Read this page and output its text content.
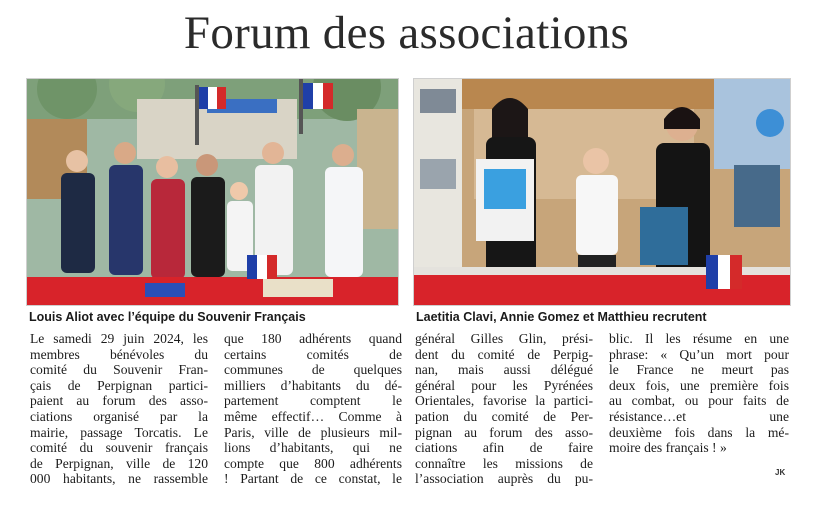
Forum des associations
Louis Aliot avec l’équipe du Souvenir Français	Laetitia Clavi, Annie Gomez et Matthieu recrutent
Le samedi 29 juin 2024, les
membres bénévoles du
comité du Souvenir Fran-
çais de Perpignan partici-
paient au forum des asso-
ciations organisé par la
mairie, passage Torcatis. Le
comité du souvenir français
de Perpignan, ville de 120
000 habitants, ne rassemble
que 180 adhérents quand
certains comités de
communes de quelques
milliers d’habitants du dé-
partement comptent le
même effectif… Comme à
Paris, ville de plusieurs mil-
lions d’habitants, qui ne
compte que 800 adhérents
! Partant de ce constat, le
général Gilles Glin, prési-
dent du comité de Perpig-
nan, mais aussi délégué
général pour les Pyrénées
Orientales, favorise la partici-
pation du comité de Per-
pignan au forum des asso-
ciations afin de faire
connaître les missions de
l’association auprès du pu-
blic. Il les résume en une
phrase: « Qu’un mort pour
le France ne meurt pas
deux fois, une première fois
au combat, ou pour faits de
résistance…et une
deuxième fois dans la mé-
moire des français ! »
JK
